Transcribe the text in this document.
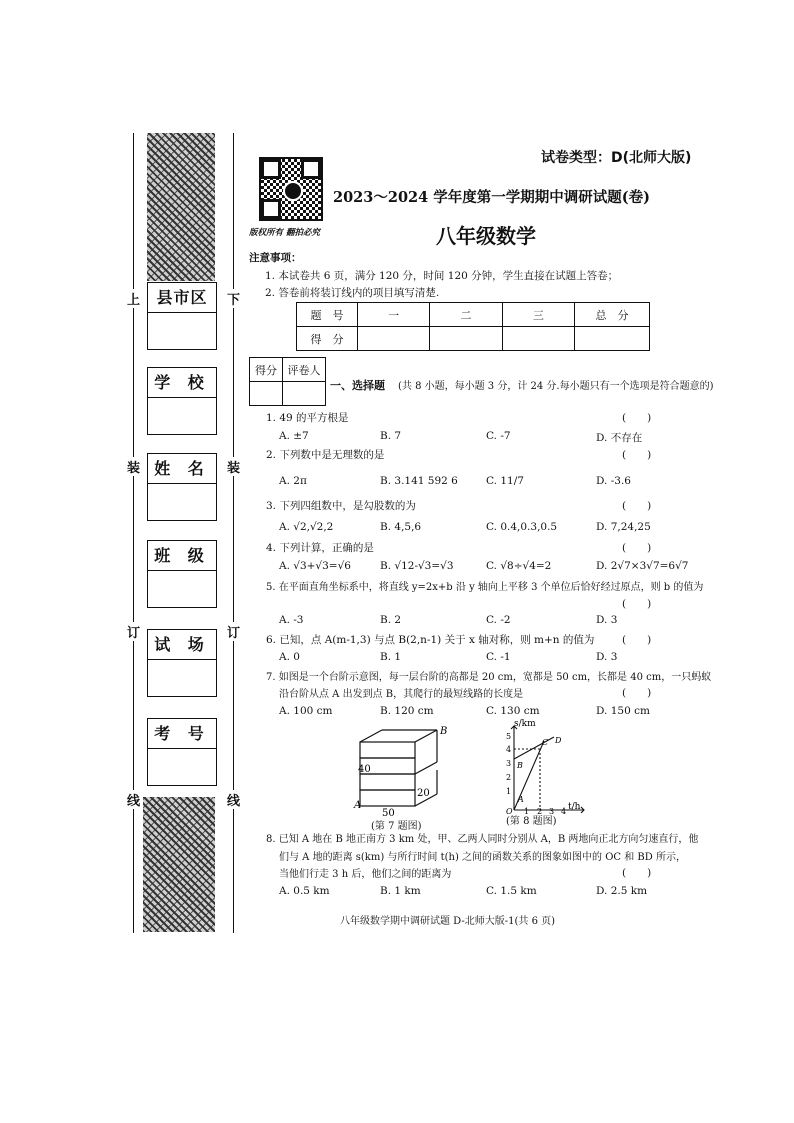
上
装
订
线
下
装
订
线
县市区
学 校
姓 名
班 级
试 场
考 号
版权所有 翻拍必究
试卷类型：D(北师大版)
2023～2024 学年度第一学期期中调研试题(卷)
八年级数学
注意事项：
1. 本试卷共 6 页，满分 120 分，时间 120 分钟，学生直接在试题上答卷；
2. 答卷前将装订线内的项目填写清楚.
题　号	一	二	三	总　分
得　分				
得分	评卷人

一、选择题 (共 8 小题，每小题 3 分，计 24 分.每小题只有一个选项是符合题意的)
1. 49 的平方根是	(　　)
A. ±7	B. 7	C. -7	D. 不存在
2. 下列数中是无理数的是	(　　)
A. 2π	B. 3.141 592 6	C. 11/7	D. -3.6
3. 下列四组数中，是勾股数的为	(　　)
A. √2,√2,2	B. 4,5,6	C. 0.4,0.3,0.5	D. 7,24,25
4. 下列计算，正确的是	(　　)
A. √3+√3=√6	B. √12-√3=√3	C. √8÷√4=2	D. 2√7×3√7=6√7
5. 在平面直角坐标系中，将直线 y=2x+b 沿 y 轴向上平移 3 个单位后恰好经过原点，则 b 的值为
(　　)
A. -3	B. 2	C. -2	D. 3
6. 已知，点 A(m-1,3) 与点 B(2,n-1) 关于 x 轴对称，则 m+n 的值为	(　　)
A. 0	B. 1	C. -1	D. 3
7. 如图是一个台阶示意图，每一层台阶的高都是 20 cm，宽都是 50 cm，长都是 40 cm，一只蚂蚁
沿台阶从点 A 出发到点 B，其爬行的最短线路的长度是	(　　)
A. 100 cm	B. 120 cm	C. 130 cm	D. 150 cm
B
40
20
A
50
(第 7 题图)
s/km
t/h
5
4
3
2
1
O 1 2 3 4
A
B
C D
(第 8 题图)
8. 已知 A 地在 B 地正南方 3 km 处，甲、乙两人同时分别从 A，B 两地向正北方向匀速直行，他
们与 A 地的距离 s(km) 与所行时间 t(h) 之间的函数关系的图象如图中的 OC 和 BD 所示，
当他们行走 3 h 后，他们之间的距离为	(　　)
A. 0.5 km	B. 1 km	C. 1.5 km	D. 2.5 km
八年级数学期中调研试题 D-北师大版-1(共 6 页)
